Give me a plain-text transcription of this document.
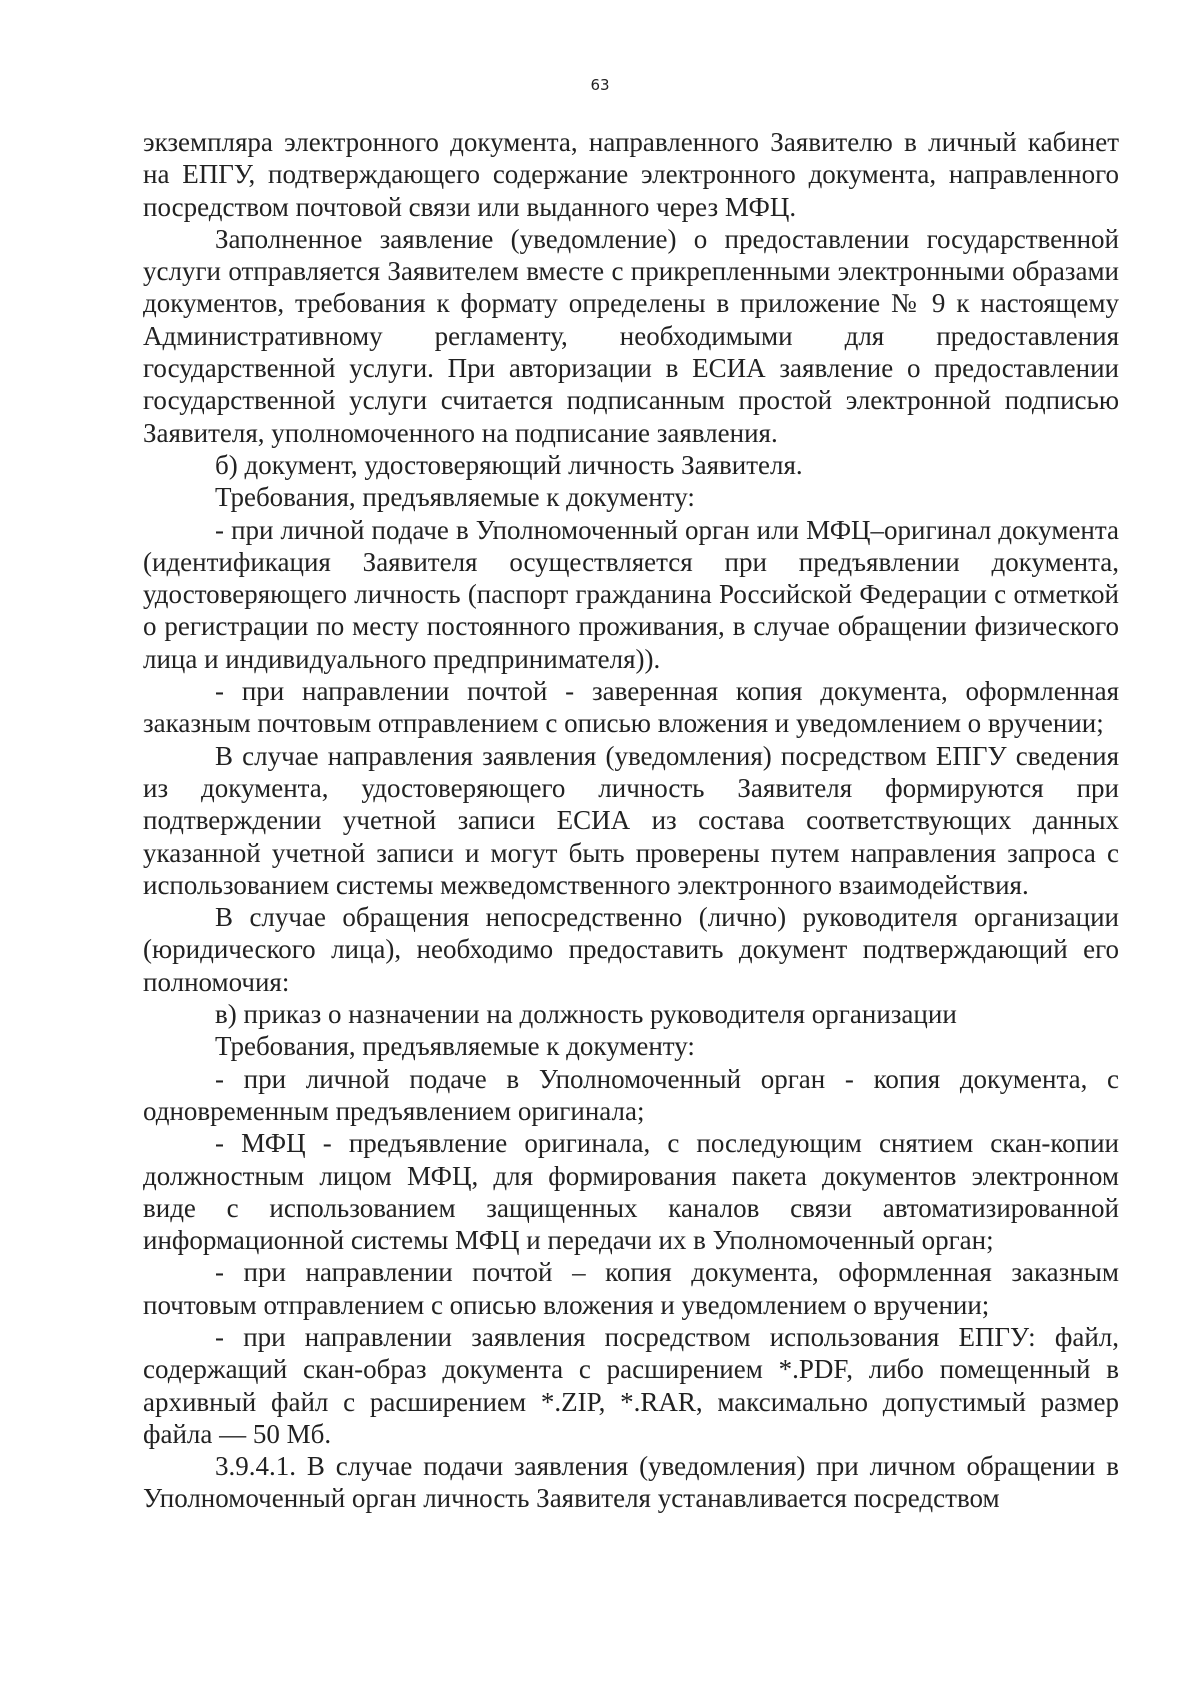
63

экземпляра электронного документа, направленного Заявителю в личный кабинет на ЕПГУ, подтверждающего содержание электронного документа, направленного посредством почтовой связи или выданного через МФЦ.

Заполненное заявление (уведомление) о предоставлении государственной услуги отправляется Заявителем вместе с прикрепленными электронными образами документов, требования к формату определены в приложение № 9 к настоящему Административному регламенту, необходимыми для предоставления государственной услуги. При авторизации в ЕСИА заявление о предоставлении государственной услуги считается подписанным простой электронной подписью Заявителя, уполномоченного на подписание заявления.

б) документ, удостоверяющий личность Заявителя.

Требования, предъявляемые к документу:

- при личной подаче в Уполномоченный орган или МФЦ–оригинал документа (идентификация Заявителя осуществляется при предъявлении документа, удостоверяющего личность (паспорт гражданина Российской Федерации с отметкой о регистрации по месту постоянного проживания, в случае обращении физического лица и индивидуального предпринимателя)).

- при направлении почтой - заверенная копия документа, оформленная заказным почтовым отправлением с описью вложения и уведомлением о вручении;

В случае направления заявления (уведомления) посредством ЕПГУ сведения из документа, удостоверяющего личность Заявителя формируются при подтверждении учетной записи ЕСИА из состава соответствующих данных указанной учетной записи и могут быть проверены путем направления запроса с использованием системы межведомственного электронного взаимодействия.

В случае обращения непосредственно (лично) руководителя организации (юридического лица), необходимо предоставить документ подтверждающий его полномочия:

в) приказ о назначении на должность руководителя организации

Требования, предъявляемые к документу:

- при личной подаче в Уполномоченный орган - копия документа, с одновременным предъявлением оригинала;

- МФЦ - предъявление оригинала, с последующим снятием скан-копии должностным лицом МФЦ, для формирования пакета документов электронном виде с использованием защищенных каналов связи автоматизированной информационной системы МФЦ и передачи их в Уполномоченный орган;

- при направлении почтой – копия документа, оформленная заказным почтовым отправлением с описью вложения и уведомлением о вручении;

- при направлении заявления посредством использования ЕПГУ: файл, содержащий скан-образ документа с расширением *.PDF, либо помещенный в архивный файл с расширением *.ZIP, *.RAR, максимально допустимый размер файла — 50 Мб.

3.9.4.1. В случае подачи заявления (уведомления) при личном обращении в Уполномоченный орган личность Заявителя устанавливается посредством
